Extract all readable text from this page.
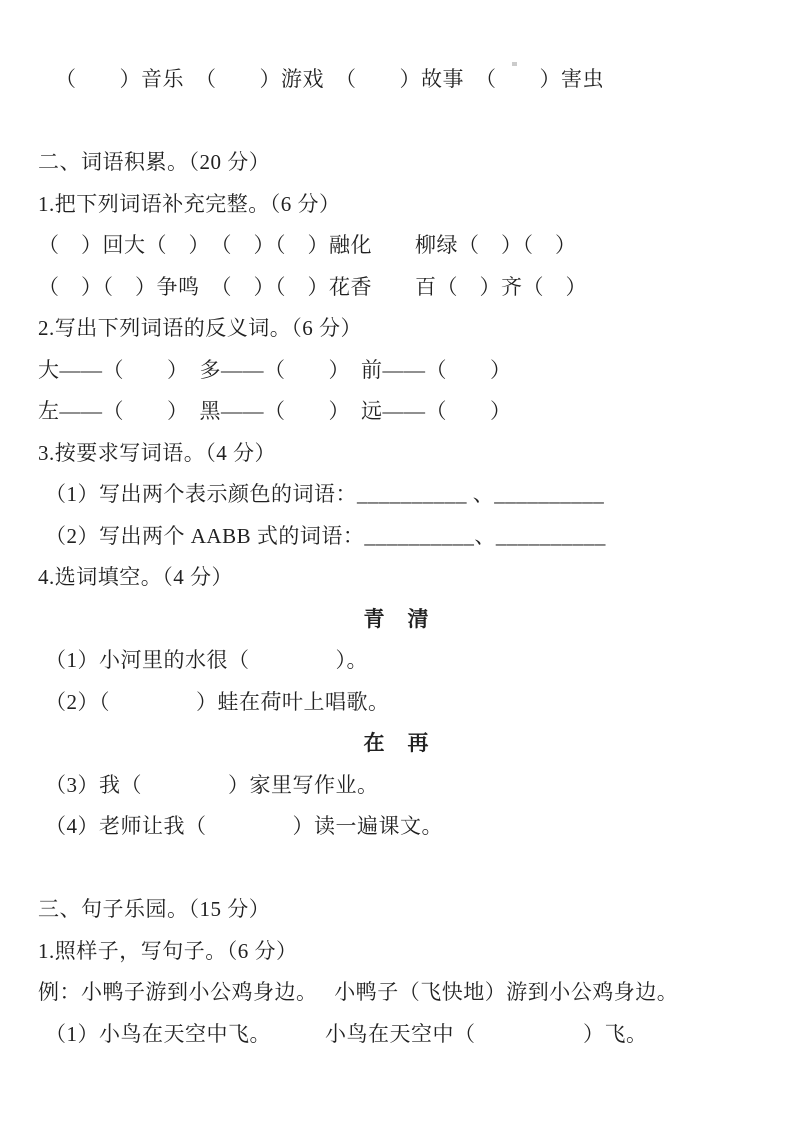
（　　）音乐　（　　）游戏　（　　）故事　（　　）害虫
二、词语积累。（20 分）
1.把下列词语补充完整。（6 分）
（　）回大（　）　（　）（　）融化　　柳绿（　）（　）
（　）（　）争鸣　（　）（　）花香　　百（　）齐（　）
2.写出下列词语的反义词。（6 分）
大——（　　）　多——（　　）　前——（　　）
左——（　　）　黑——（　　）　远——（　　）
3.按要求写词语。（4 分）
（1）写出两个表示颜色的词语：__________ 、__________
（2）写出两个 AABB 式的词语：__________、__________
4.选词填空。（4 分）
青　清
（1）小河里的水很（　　　　）。
（2）（　　　　）蛙在荷叶上唱歌。
在　再
（3）我（　　　　）家里写作业。
（4）老师让我（　　　　）读一遍课文。
三、句子乐园。（15 分）
1.照样子，写句子。（6 分）
例：小鸭子游到小公鸡身边。　 小鸭子（飞快地）游到小公鸡身边。
（1）小鸟在天空中飞。　　　小鸟在天空中（　　　　　）飞。
